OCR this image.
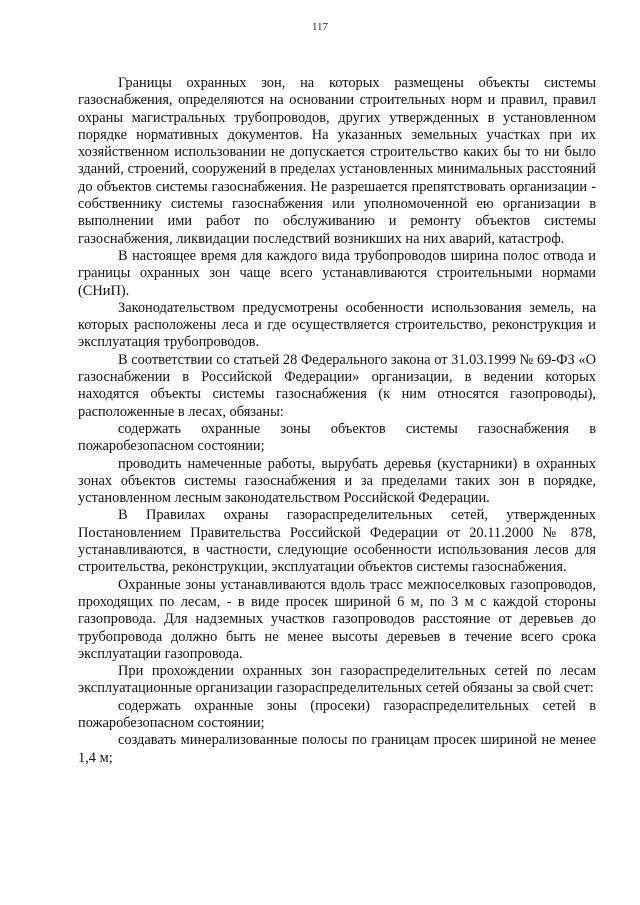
117

Границы охранных зон, на которых размещены объекты системы газоснабжения, определяются на основании строительных норм и правил, правил охраны магистральных трубопроводов, других утвержденных в установленном порядке нормативных документов. На указанных земельных участках при их хозяйственном использовании не допускается строительство каких бы то ни было зданий, строений, сооружений в пределах установленных минимальных расстояний до объектов системы газоснабжения. Не разрешается препятствовать организации - собственнику системы газоснабжения или уполномоченной ею организации в выполнении ими работ по обслуживанию и ремонту объектов системы газоснабжения, ликвидации последствий возникших на них аварий, катастроф.

В настоящее время для каждого вида трубопроводов ширина полос отвода и границы охранных зон чаще всего устанавливаются строительными нормами (СНиП).

Законодательством предусмотрены особенности использования земель, на которых расположены леса и где осуществляется строительство, реконструкция и эксплуатация трубопроводов.

В соответствии со статьей 28 Федерального закона от 31.03.1999 № 69-ФЗ «О газоснабжении в Российской Федерации» организации, в ведении которых находятся объекты системы газоснабжения (к ним относятся газопроводы), расположенные в лесах, обязаны:

содержать охранные зоны объектов системы газоснабжения в пожаробезопасном состоянии;

проводить намеченные работы, вырубать деревья (кустарники) в охранных зонах объектов системы газоснабжения и за пределами таких зон в порядке, установленном лесным законодательством Российской Федерации.

В Правилах охраны газораспределительных сетей, утвержденных Постановлением Правительства Российской Федерации от 20.11.2000 № 878, устанавливаются, в частности, следующие особенности использования лесов для строительства, реконструкции, эксплуатации объектов системы газоснабжения.

Охранные зоны устанавливаются вдоль трасс межпоселковых газопроводов, проходящих по лесам, - в виде просек шириной 6 м, по 3 м с каждой стороны газопровода. Для надземных участков газопроводов расстояние от деревьев до трубопровода должно быть не менее высоты деревьев в течение всего срока эксплуатации газопровода.

При прохождении охранных зон газораспределительных сетей по лесам эксплуатационные организации газораспределительных сетей обязаны за свой счет:

содержать охранные зоны (просеки) газораспределительных сетей в пожаробезопасном состоянии;

создавать минерализованные полосы по границам просек шириной не менее 1,4 м;
